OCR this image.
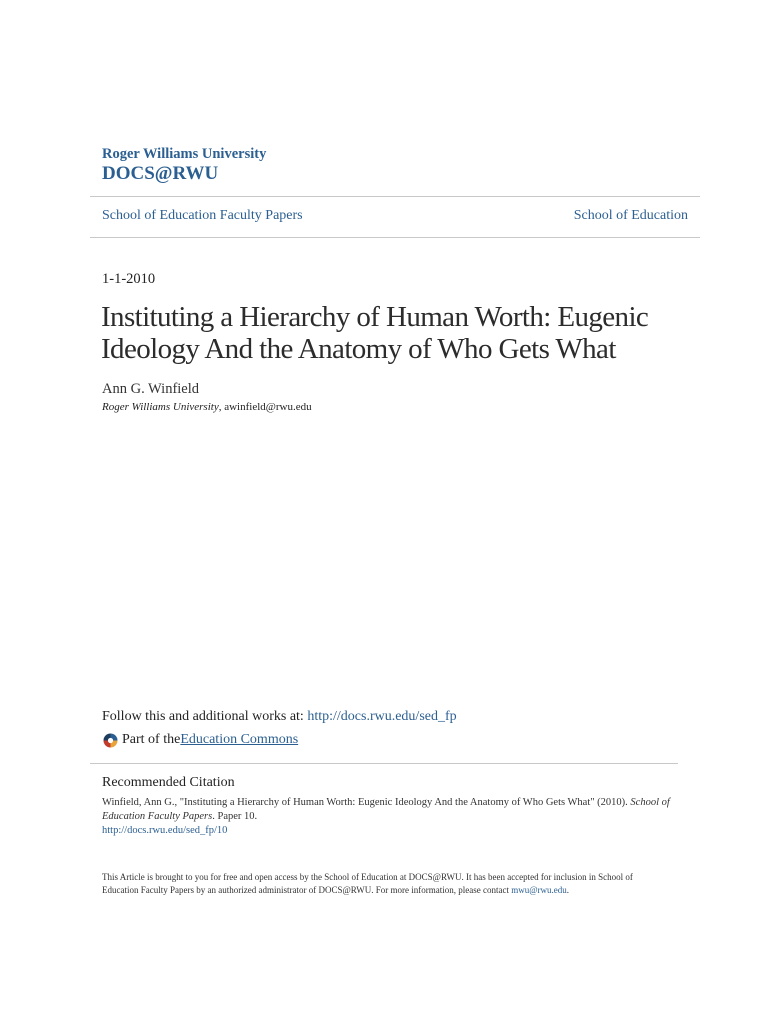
Roger Williams University
DOCS@RWU
School of Education Faculty Papers	School of Education
1-1-2010
Instituting a Hierarchy of Human Worth: Eugenic Ideology And the Anatomy of Who Gets What
Ann G. Winfield
Roger Williams University, awinfield@rwu.edu
Follow this and additional works at: http://docs.rwu.edu/sed_fp
Part of the Education Commons
Recommended Citation
Winfield, Ann G., "Instituting a Hierarchy of Human Worth: Eugenic Ideology And the Anatomy of Who Gets What" (2010). School of Education Faculty Papers. Paper 10.
http://docs.rwu.edu/sed_fp/10
This Article is brought to you for free and open access by the School of Education at DOCS@RWU. It has been accepted for inclusion in School of Education Faculty Papers by an authorized administrator of DOCS@RWU. For more information, please contact mwu@rwu.edu.
